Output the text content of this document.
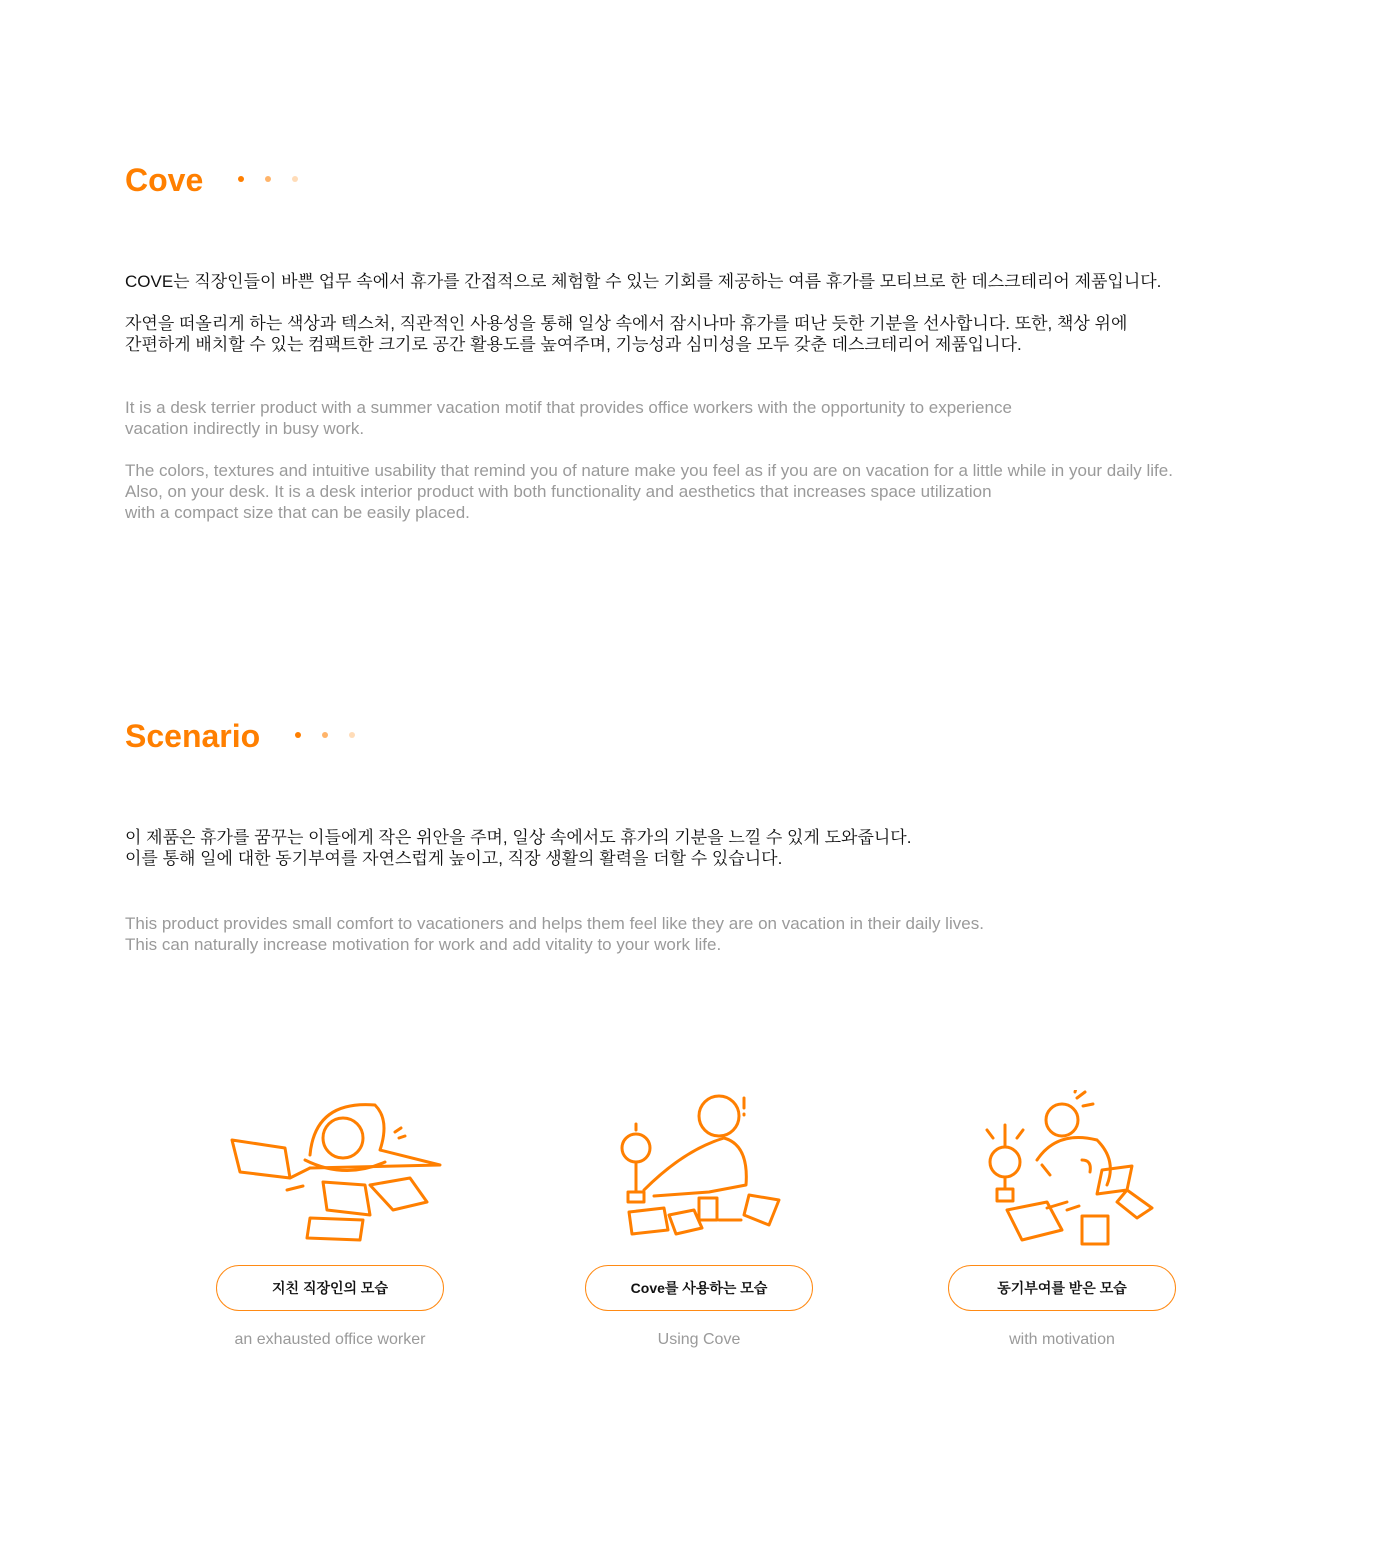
Cove

COVE는 직장인들이 바쁜 업무 속에서 휴가를 간접적으로 체험할 수 있는 기회를 제공하는 여름 휴가를 모티브로 한 데스크테리어 제품입니다.

자연을 떠올리게 하는 색상과 텍스처, 직관적인 사용성을 통해 일상 속에서 잠시나마 휴가를 떠난 듯한 기분을 선사합니다. 또한, 책상 위에
간편하게 배치할 수 있는 컴팩트한 크기로 공간 활용도를 높여주며, 기능성과 심미성을 모두 갖춘 데스크테리어 제품입니다.

It is a desk terrier product with a summer vacation motif that provides office workers with the opportunity to experience
vacation indirectly in busy work.

The colors, textures and intuitive usability that remind you of nature make you feel as if you are on vacation for a little while in your daily life.
Also, on your desk. It is a desk interior product with both functionality and aesthetics that increases space utilization
with a compact size that can be easily placed.

Scenario

이 제품은 휴가를 꿈꾸는 이들에게 작은 위안을 주며, 일상 속에서도 휴가의 기분을 느낄 수 있게 도와줍니다.
이를 통해 일에 대한 동기부여를 자연스럽게 높이고, 직장 생활의 활력을 더할 수 있습니다.

This product provides small comfort to vacationers and helps them feel like they are on vacation in their daily lives.
This can naturally increase motivation for work and add vitality to your work life.

지친 직장인의 모습
an exhausted office worker
Cove를 사용하는 모습
Using Cove
동기부여를 받은 모습
with motivation
